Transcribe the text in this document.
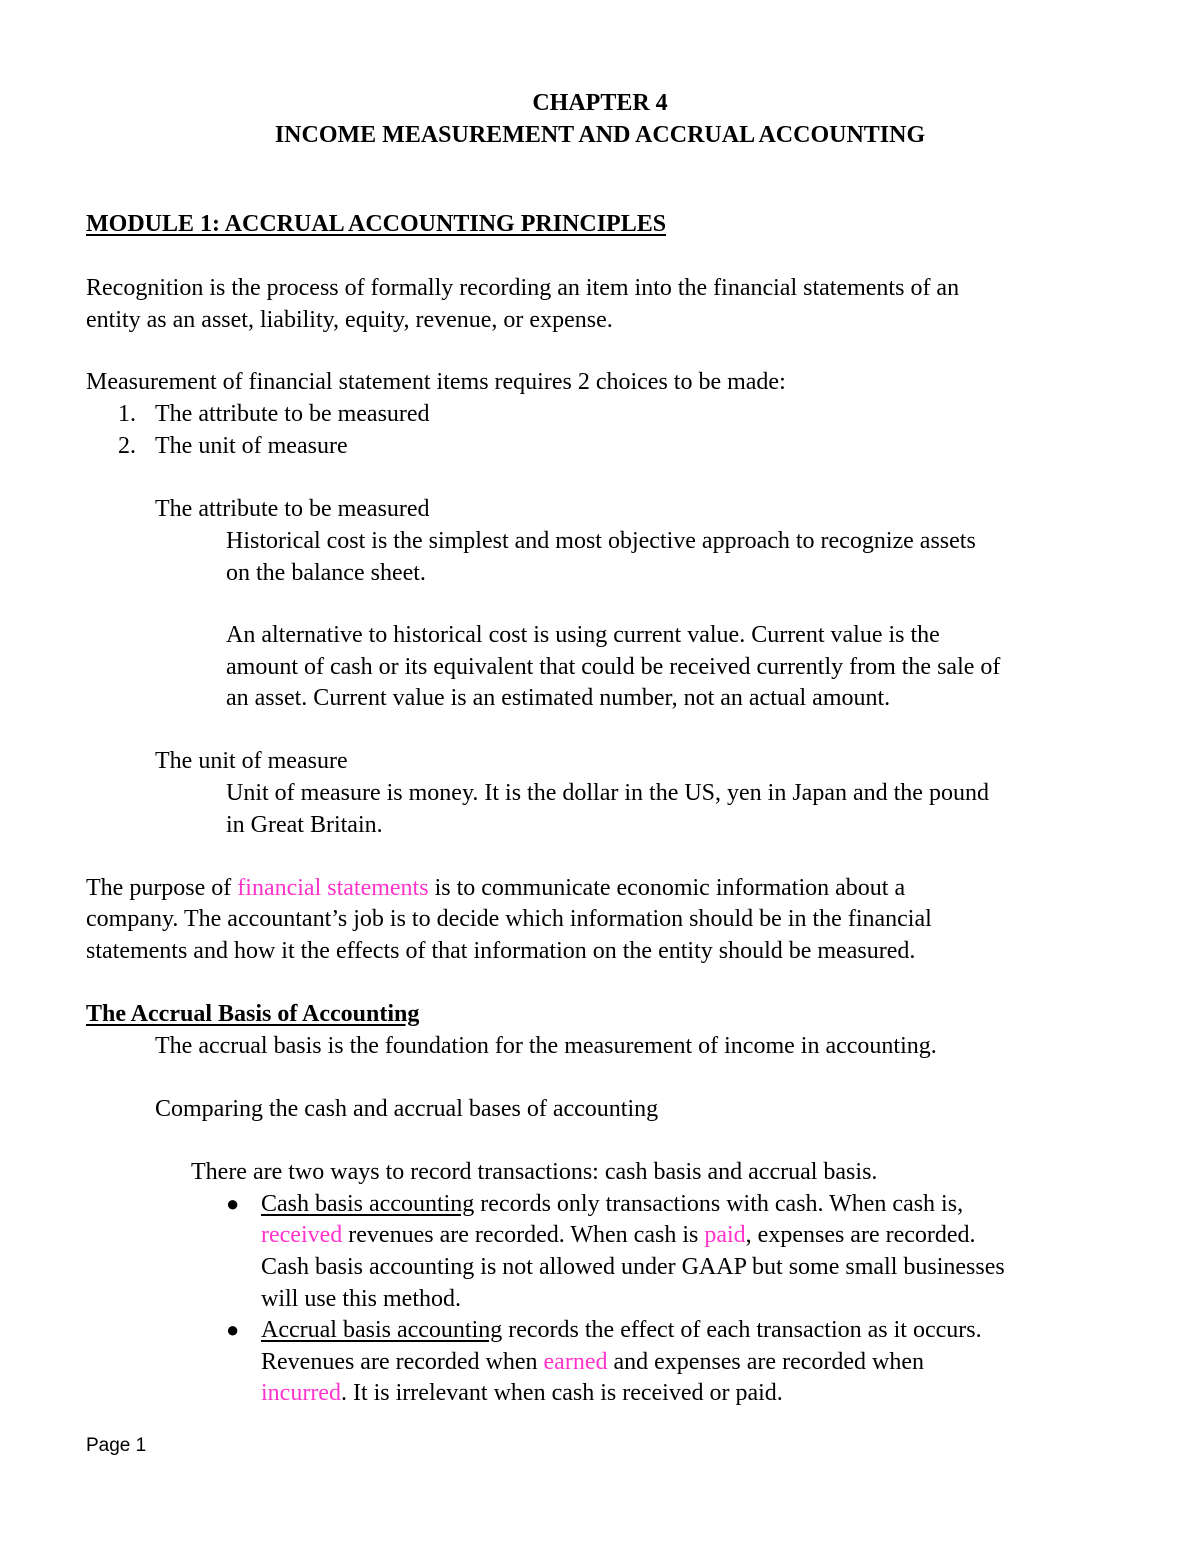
CHAPTER 4
INCOME MEASUREMENT AND ACCRUAL ACCOUNTING
MODULE 1: ACCRUAL ACCOUNTING PRINCIPLES
Recognition is the process of formally recording an item into the financial statements of an
entity as an asset, liability, equity, revenue, or expense.
Measurement of financial statement items requires 2 choices to be made:
1. The attribute to be measured
2. The unit of measure
The attribute to be measured
Historical cost is the simplest and most objective approach to recognize assets
on the balance sheet.
An alternative to historical cost is using current value. Current value is the
amount of cash or its equivalent that could be received currently from the sale of
an asset. Current value is an estimated number, not an actual amount.
The unit of measure
Unit of measure is money. It is the dollar in the US, yen in Japan and the pound
in Great Britain.
The purpose of financial statements is to communicate economic information about a
company. The accountant’s job is to decide which information should be in the financial
statements and how it the effects of that information on the entity should be measured.
The Accrual Basis of Accounting
The accrual basis is the foundation for the measurement of income in accounting.
Comparing the cash and accrual bases of accounting
There are two ways to record transactions: cash basis and accrual basis.
● Cash basis accounting records only transactions with cash. When cash is,
received revenues are recorded. When cash is paid, expenses are recorded.
Cash basis accounting is not allowed under GAAP but some small businesses
will use this method.
● Accrual basis accounting records the effect of each transaction as it occurs.
Revenues are recorded when earned and expenses are recorded when
incurred. It is irrelevant when cash is received or paid.
Page 1
